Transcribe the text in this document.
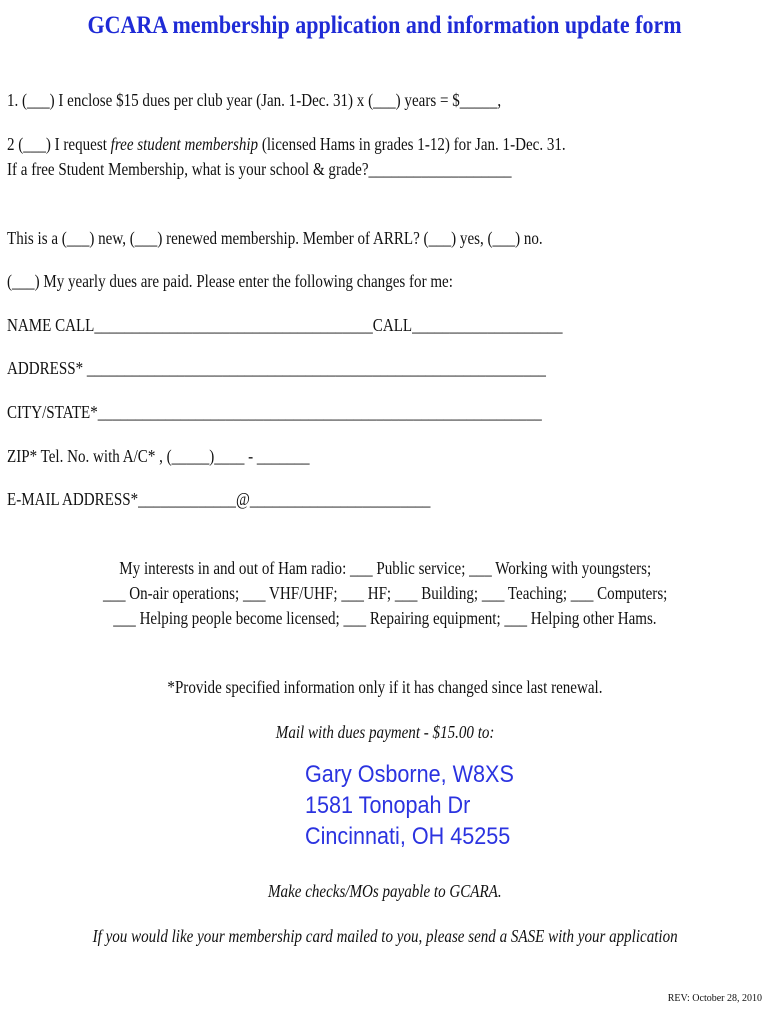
GCARA membership application and information update form
1. (___) I enclose $15 dues per club year (Jan. 1-Dec. 31) x (___) years = $_____,
2 (___) I request free student membership (licensed Hams in grades 1-12) for Jan. 1-Dec. 31.
If a free Student Membership, what is your school & grade?___________________
This is a (___) new, (___) renewed membership. Member of ARRL? (___) yes, (___) no.
(___) My yearly dues are paid. Please enter the following changes for me:
NAME CALL_____________________________________CALL____________________
ADDRESS* _____________________________________________________________
CITY/STATE*___________________________________________________________
ZIP* Tel. No. with A/C* , (_____)____ - _______
E-MAIL ADDRESS*_____________@________________________
My interests in and out of Ham radio: ___ Public service; ___ Working with youngsters;
___ On-air operations; ___ VHF/UHF; ___ HF; ___ Building; ___ Teaching; ___ Computers;
___ Helping people become licensed; ___ Repairing equipment; ___ Helping other Hams.
*Provide specified information only if it has changed since last renewal.
Mail with dues payment - $15.00 to:
Gary Osborne, W8XS
1581 Tonopah Dr
Cincinnati, OH 45255
Make checks/MOs payable to GCARA.
If you would like your membership card mailed to you, please send a SASE with your application
REV: October 28, 2010
